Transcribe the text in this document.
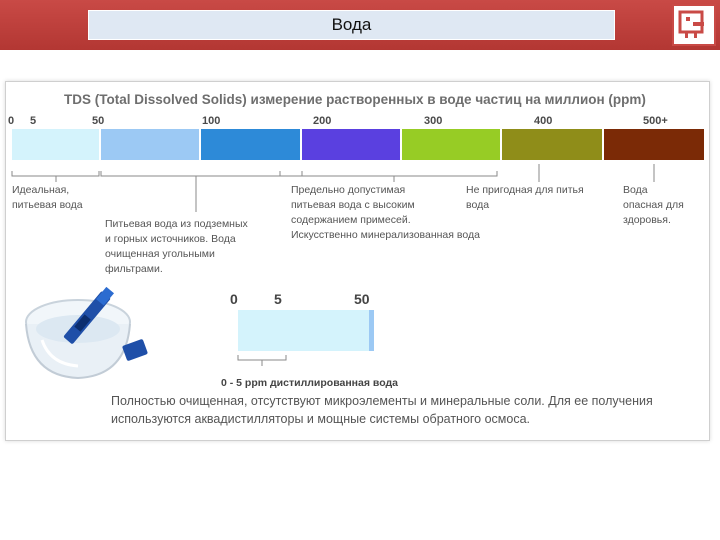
Вода
TDS (Total Dissolved Solids) измерение растворенных в воде частиц на миллион (ppm)
0 5	50	100	200	300	400	500+
Идеальная,
питьевая вода
Питьевая вода из подземных
и горных источников. Вода
очищенная угольными
фильтрами.
Предельно допустимая
питьевая вода с высоким
содержанием примесей.
Искусственно минерализованная вода
Не пригодная для питья
вода
Вода
опасная для
здоровья.
0	5	50
0 - 5 ppm дистиллированная вода
Полностью очищенная, отсутствуют микроэлементы и минеральные соли. Для ее получения используются аквадистилляторы и мощные системы обратного осмоса.
